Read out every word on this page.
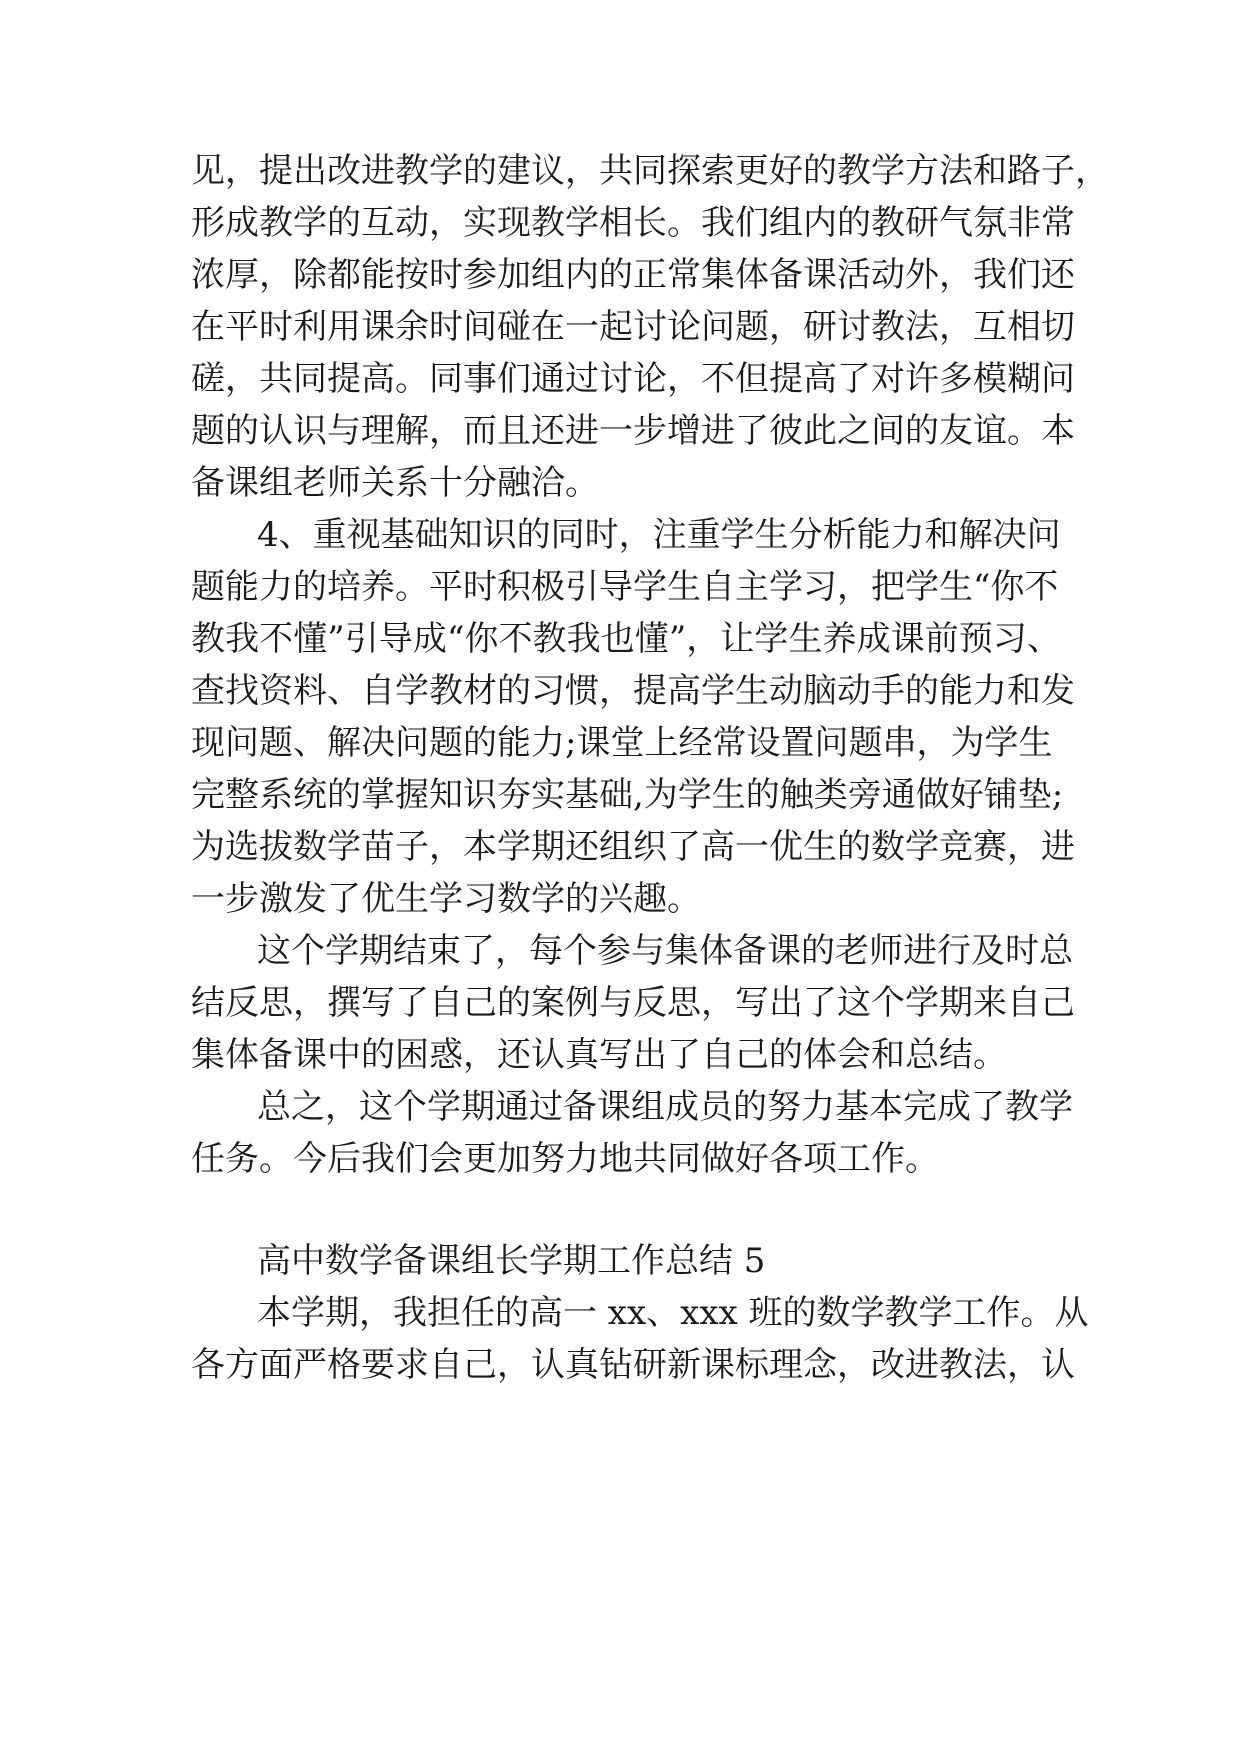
见，提出改进教学的建议，共同探索更好的教学方法和路子，
形成教学的互动，实现教学相长。我们组内的教研气氛非常
浓厚，除都能按时参加组内的正常集体备课活动外，我们还
在平时利用课余时间碰在一起讨论问题，研讨教法，互相切
磋，共同提高。同事们通过讨论，不但提高了对许多模糊问
题的认识与理解，而且还进一步增进了彼此之间的友谊。本
备课组老师关系十分融洽。
4、重视基础知识的同时，注重学生分析能力和解决问
题能力的培养。平时积极引导学生自主学习，把学生“你不
教我不懂”引导成“你不教我也懂”，让学生养成课前预习、
查找资料、自学教材的习惯，提高学生动脑动手的能力和发
现问题、解决问题的能力;课堂上经常设置问题串，为学生
完整系统的掌握知识夯实基础,为学生的触类旁通做好铺垫;
为选拔数学苗子，本学期还组织了高一优生的数学竞赛，进
一步激发了优生学习数学的兴趣。
这个学期结束了，每个参与集体备课的老师进行及时总
结反思，撰写了自己的案例与反思，写出了这个学期来自己
集体备课中的困惑，还认真写出了自己的体会和总结。
总之，这个学期通过备课组成员的努力基本完成了教学
任务。今后我们会更加努力地共同做好各项工作。
高中数学备课组长学期工作总结 5
本学期，我担任的高一 xx、xxx 班的数学教学工作。从
各方面严格要求自己，认真钻研新课标理念，改进教法，认
